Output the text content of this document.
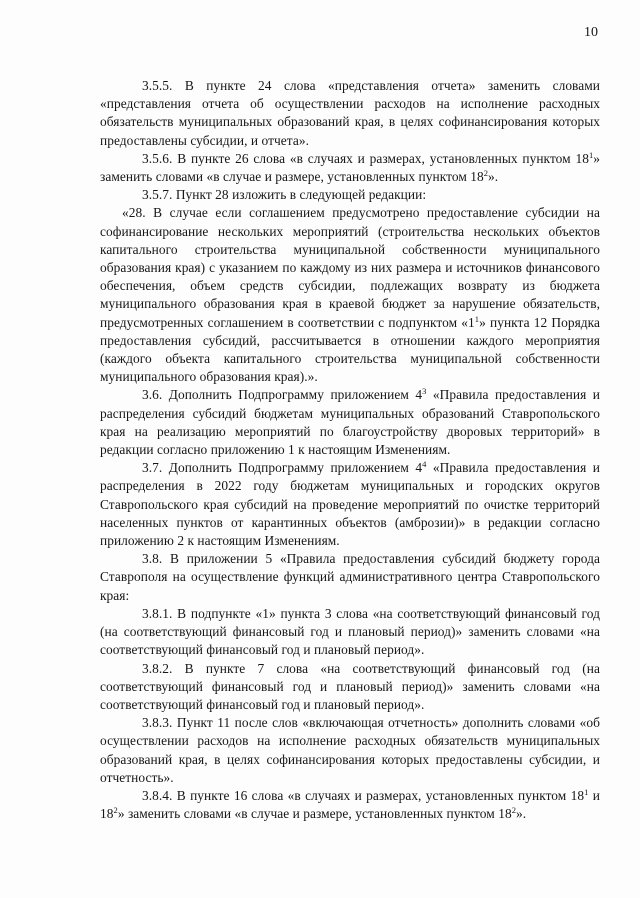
10

3.5.5. В пункте 24 слова «представления отчета» заменить словами «представления отчета об осуществлении расходов на исполнение расходных обязательств муниципальных образований края, в целях софинансирования которых предоставлены субсидии, и отчета».

3.5.6. В пункте 26 слова «в случаях и размерах, установленных пунктом $18^1$» заменить словами «в случае и размере, установленных пунктом $18^2$».

3.5.7. Пункт 28 изложить в следующей редакции:

«28. В случае если соглашением предусмотрено предоставление субсидии на софинансирование нескольких мероприятий (строительства нескольких объектов капитального строительства муниципальной собственности муниципального образования края) с указанием по каждому из них размера и источников финансового обеспечения, объем средств субсидии, подлежащих возврату из бюджета муниципального образования края в краевой бюджет за нарушение обязательств, предусмотренных соглашением в соответствии с подпунктом «$1^1$» пункта 12 Порядка предоставления субсидий, рассчитывается в отношении каждого мероприятия (каждого объекта капитального строительства муниципальной собственности муниципального образования края).».

3.6. Дополнить Подпрограмму приложением $4^3$ «Правила предоставления и распределения субсидий бюджетам муниципальных образований Ставропольского края на реализацию мероприятий по благоустройству дворовых территорий» в редакции согласно приложению 1 к настоящим Изменениям.

3.7. Дополнить Подпрограмму приложением $4^4$ «Правила предоставления и распределения в 2022 году бюджетам муниципальных и городских округов Ставропольского края субсидий на проведение мероприятий по очистке территорий населенных пунктов от карантинных объектов (амброзии)» в редакции согласно приложению 2 к настоящим Изменениям.

3.8. В приложении 5 «Правила предоставления субсидий бюджету города Ставрополя на осуществление функций административного центра Ставропольского края:

3.8.1. В подпункте «1» пункта 3 слова «на соответствующий финансовый год (на соответствующий финансовый год и плановый период)» заменить словами «на соответствующий финансовый год и плановый период».

3.8.2. В пункте 7 слова «на соответствующий финансовый год (на соответствующий финансовый год и плановый период)» заменить словами «на соответствующий финансовый год и плановый период».

3.8.3. Пункт 11 после слов «включающая отчетность» дополнить словами «об осуществлении расходов на исполнение расходных обязательств муниципальных образований края, в целях софинансирования которых предоставлены субсидии, и отчетность».

3.8.4. В пункте 16 слова «в случаях и размерах, установленных пунктом $18^1$ и $18^2$» заменить словами «в случае и размере, установленных пунктом $18^2$».
